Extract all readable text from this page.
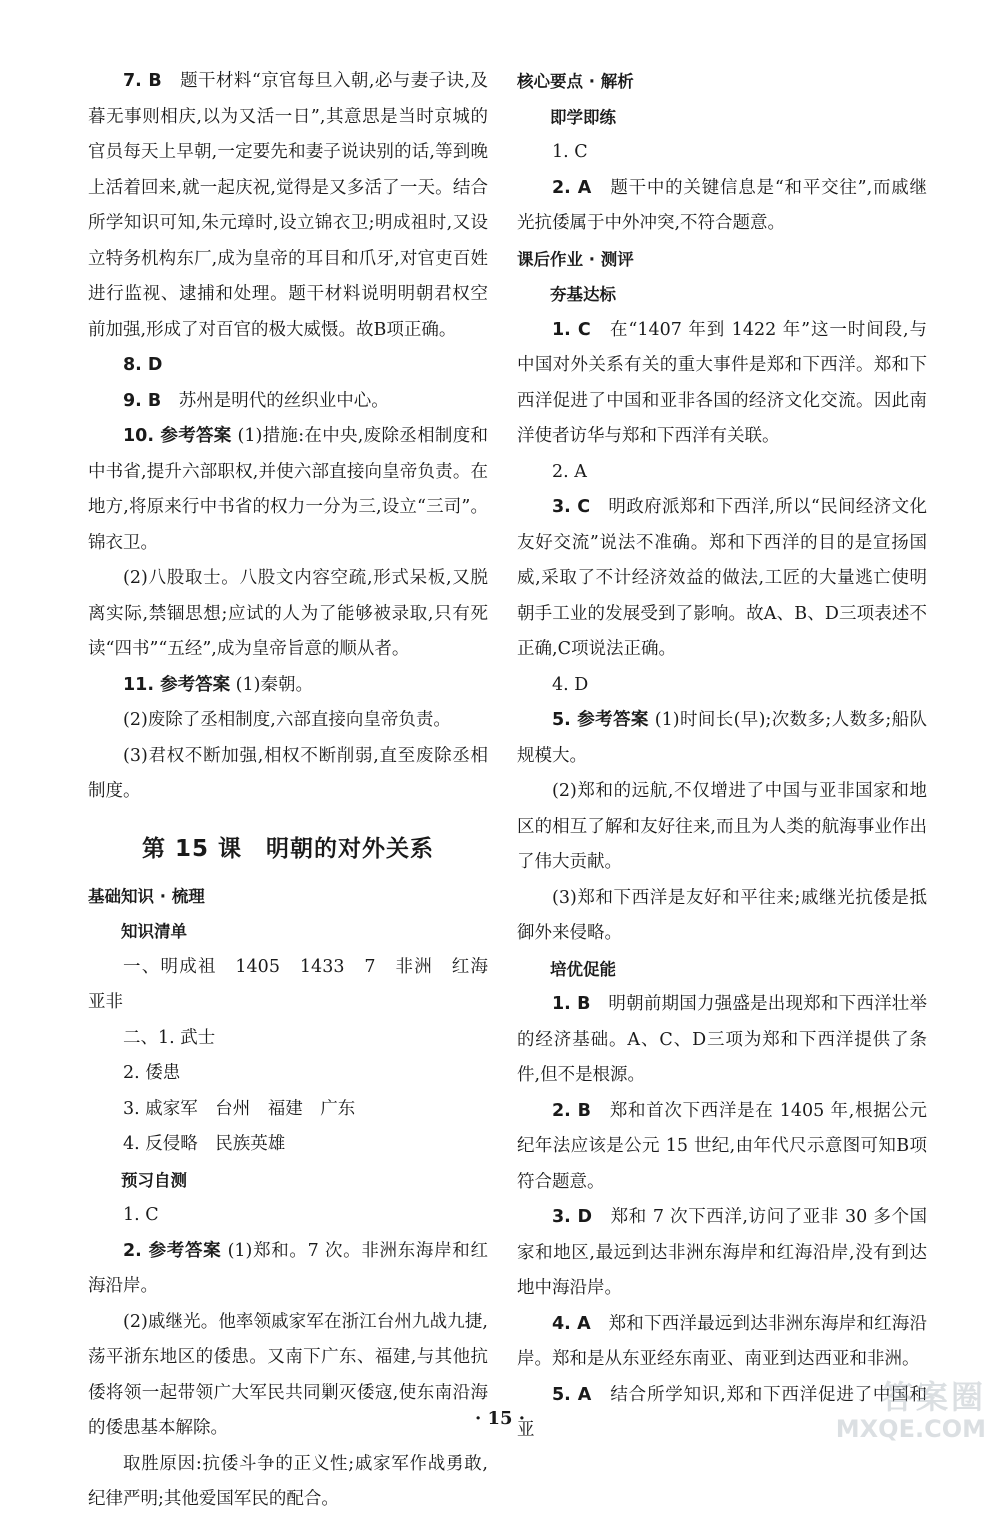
7. B　 题干材料“京官每旦入朝,必与妻子诀,及暮无事则相庆,以为又活一日”,其意思是当时京城的官员每天上早朝,一定要先和妻子说诀别的话,等到晚上活着回来,就一起庆祝,觉得是又多活了一天。结合所学知识可知,朱元璋时,设立锦衣卫;明成祖时,又设立特务机构东厂,成为皇帝的耳目和爪牙,对官吏百姓进行监视、逮捕和处理。题干材料说明明朝君权空前加强,形成了对百官的极大威慑。故B项正确。

8. D

9. B　 苏州是明代的丝织业中心。

10. 参考答案 (1)措施:在中央,废除丞相制度和中书省,提升六部职权,并使六部直接向皇帝负责。在地方,将原来行中书省的权力一分为三,设立“三司”。锦衣卫。

(2)八股取士。八股文内容空疏,形式呆板,又脱离实际,禁锢思想;应试的人为了能够被录取,只有死读“四书”“五经”,成为皇帝旨意的顺从者。

11. 参考答案 (1)秦朝。

(2)废除了丞相制度,六部直接向皇帝负责。

(3)君权不断加强,相权不断削弱,直至废除丞相制度。

第 15 课　明朝的对外关系

基础知识 · 梳理

知识清单

一、明成祖　1405　1433　7　非洲　红海　亚非

二、1. 武士

2. 倭患

3. 戚家军　台州　福建　广东

4. 反侵略　民族英雄

预习自测

1. C

2. 参考答案 (1)郑和。7 次。非洲东海岸和红海沿岸。

(2)戚继光。他率领戚家军在浙江台州九战九捷,荡平浙东地区的倭患。又南下广东、福建,与其他抗倭将领一起带领广大军民共同剿灭倭寇,使东南沿海的倭患基本解除。

取胜原因:抗倭斗争的正义性;戚家军作战勇敢,纪律严明;其他爱国军民的配合。

核心要点 · 解析

即学即练

1. C

2. A　 题干中的关键信息是“和平交往”,而戚继光抗倭属于中外冲突,不符合题意。

课后作业 · 测评

夯基达标

1. C　 在“1407 年到 1422 年”这一时间段,与中国对外关系有关的重大事件是郑和下西洋。郑和下西洋促进了中国和亚非各国的经济文化交流。因此南洋使者访华与郑和下西洋有关联。

2. A

3. C　 明政府派郑和下西洋,所以“民间经济文化友好交流”说法不准确。郑和下西洋的目的是宣扬国威,采取了不计经济效益的做法,工匠的大量逃亡使明朝手工业的发展受到了影响。故A、B、D三项表述不正确,C项说法正确。

4. D

5. 参考答案 (1)时间长(早);次数多;人数多;船队规模大。

(2)郑和的远航,不仅增进了中国与亚非国家和地区的相互了解和友好往来,而且为人类的航海事业作出了伟大贡献。

(3)郑和下西洋是友好和平往来;戚继光抗倭是抵御外来侵略。

培优促能

1. B　 明朝前期国力强盛是出现郑和下西洋壮举的经济基础。A、C、D三项为郑和下西洋提供了条件,但不是根源。

2. B　 郑和首次下西洋是在 1405 年,根据公元纪年法应该是公元 15 世纪,由年代尺示意图可知B项符合题意。

3. D　 郑和 7 次下西洋,访问了亚非 30 多个国家和地区,最远到达非洲东海岸和红海沿岸,没有到达地中海沿岸。

4. A　 郑和下西洋最远到达非洲东海岸和红海沿岸。郑和是从东亚经东南亚、南亚到达西亚和非洲。

5. A　 结合所学知识,郑和下西洋促进了中国和亚

· 15 ·
答案圈
MXQE.COM
